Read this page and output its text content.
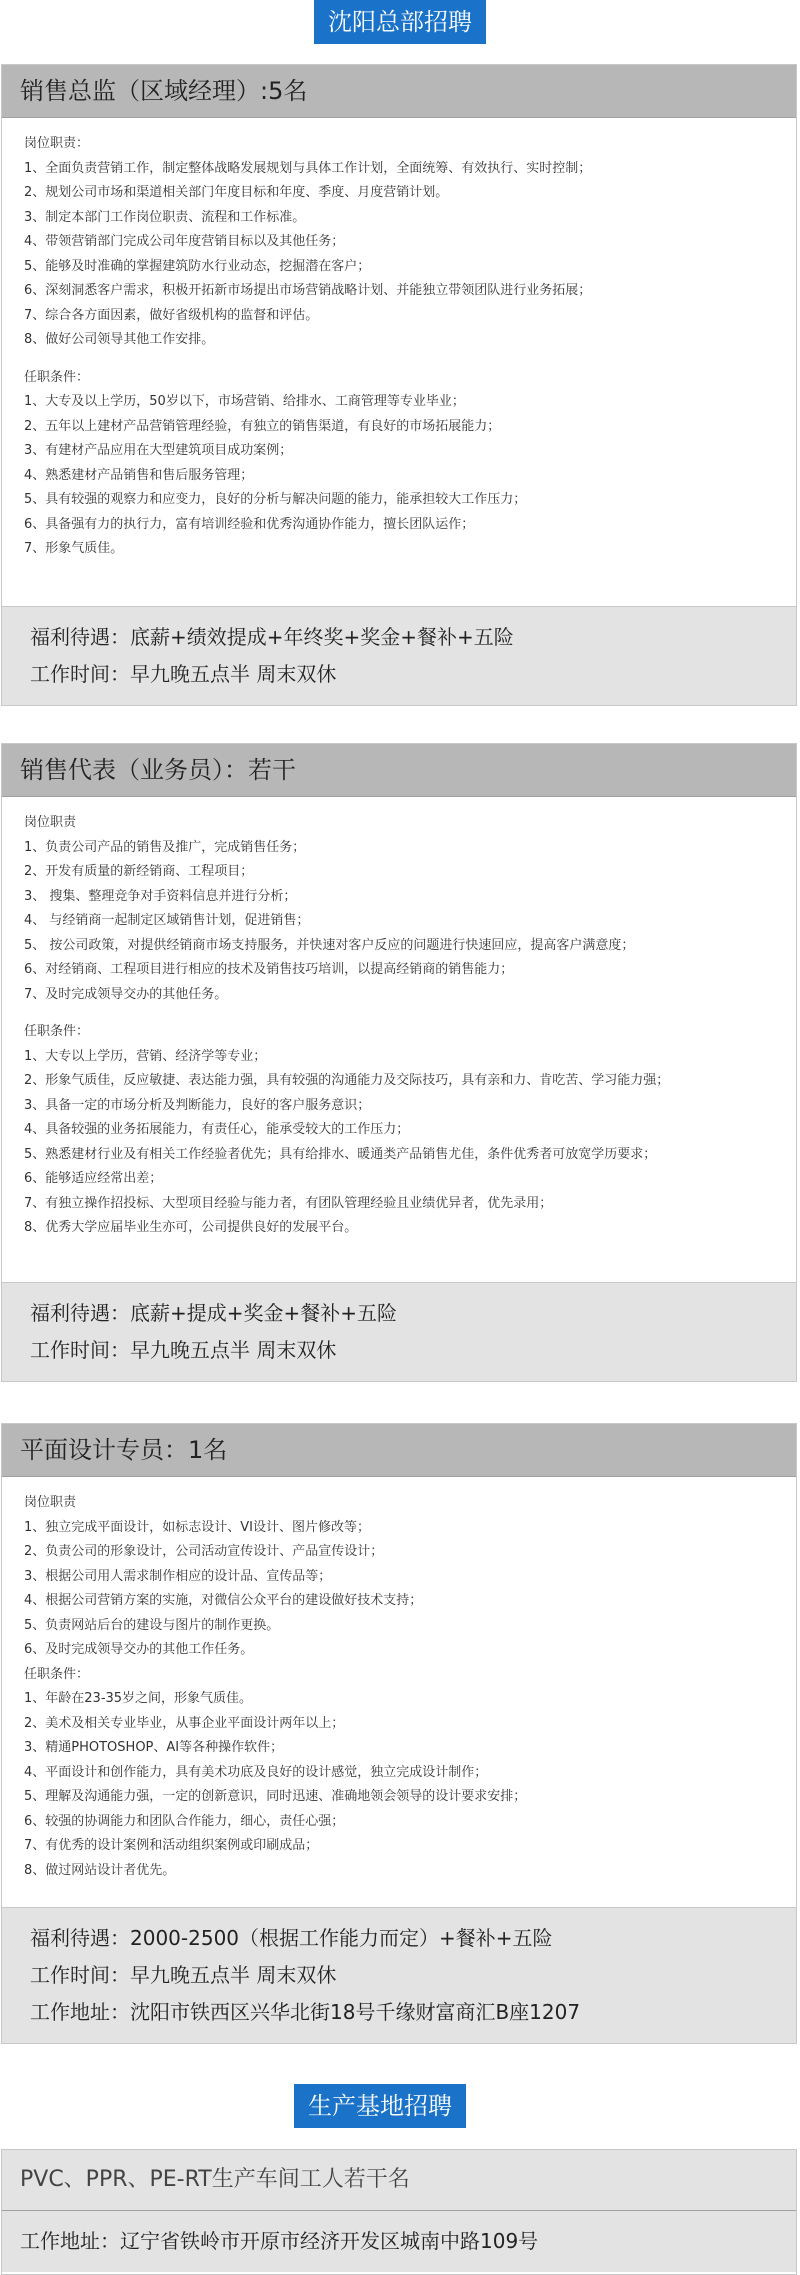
沈阳总部招聘
销售总监（区域经理）:5名
岗位职责：
1、全面负责营销工作，制定整体战略发展规划与具体工作计划，全面统筹、有效执行、实时控制；
2、规划公司市场和渠道相关部门年度目标和年度、季度、月度营销计划。
3、制定本部门工作岗位职责、流程和工作标准。
4、带领营销部门完成公司年度营销目标以及其他任务；
5、能够及时准确的掌握建筑防水行业动态，挖掘潜在客户；
6、深刻洞悉客户需求，积极开拓新市场提出市场营销战略计划、并能独立带领团队进行业务拓展；
7、综合各方面因素，做好省级机构的监督和评估。
8、做好公司领导其他工作安排。
任职条件：
1、大专及以上学历，50岁以下，市场营销、给排水、工商管理等专业毕业；
2、五年以上建材产品营销管理经验，有独立的销售渠道，有良好的市场拓展能力；
3、有建材产品应用在大型建筑项目成功案例；
4、熟悉建材产品销售和售后服务管理；
5、具有较强的观察力和应变力，良好的分析与解决问题的能力，能承担较大工作压力；
6、具备强有力的执行力，富有培训经验和优秀沟通协作能力，擅长团队运作；
7、形象气质佳。
福利待遇：底薪+绩效提成+年终奖+奖金+餐补+五险
工作时间：早九晚五点半 周末双休
销售代表（业务员）：若干
岗位职责
1、负责公司产品的销售及推广，完成销售任务；
2、开发有质量的新经销商、工程项目；
3、 搜集、整理竞争对手资料信息并进行分析；
4、 与经销商一起制定区域销售计划，促进销售；
5、 按公司政策，对提供经销商市场支持服务，并快速对客户反应的问题进行快速回应，提高客户满意度；
6、对经销商、工程项目进行相应的技术及销售技巧培训，以提高经销商的销售能力；
7、及时完成领导交办的其他任务。
任职条件：
1、大专以上学历，营销、经济学等专业；
2、形象气质佳，反应敏捷、表达能力强，具有较强的沟通能力及交际技巧，具有亲和力、肯吃苦、学习能力强；
3、具备一定的市场分析及判断能力，良好的客户服务意识；
4、具备较强的业务拓展能力，有责任心，能承受较大的工作压力；
5、熟悉建材行业及有相关工作经验者优先；具有给排水、暖通类产品销售尤佳，条件优秀者可放宽学历要求；
6、能够适应经常出差；
7、有独立操作招投标、大型项目经验与能力者，有团队管理经验且业绩优异者，优先录用；
8、优秀大学应届毕业生亦可，公司提供良好的发展平台。
福利待遇：底薪+提成+奖金+餐补+五险
工作时间：早九晚五点半 周末双休
平面设计专员：1名
岗位职责
1、独立完成平面设计，如标志设计、VI设计、图片修改等；
2、负责公司的形象设计，公司活动宣传设计、产品宣传设计；
3、根据公司用人需求制作相应的设计品、宣传品等；
4、根据公司营销方案的实施，对微信公众平台的建设做好技术支持；
5、负责网站后台的建设与图片的制作更换。
6、及时完成领导交办的其他工作任务。
任职条件：
1、年龄在23-35岁之间，形象气质佳。
2、美术及相关专业毕业，从事企业平面设计两年以上；
3、精通PHOTOSHOP、AI等各种操作软件；
4、平面设计和创作能力，具有美术功底及良好的设计感觉，独立完成设计制作；
5、理解及沟通能力强，一定的创新意识，同时迅速、准确地领会领导的设计要求安排；
6、较强的协调能力和团队合作能力，细心，责任心强；
7、有优秀的设计案例和活动组织案例或印刷成品；
8、做过网站设计者优先。
福利待遇：2000-2500（根据工作能力而定）+餐补+五险
工作时间：早九晚五点半 周末双休
工作地址：沈阳市铁西区兴华北街18号千缘财富商汇B座1207
生产基地招聘
PVC、PPR、PE-RT生产车间工人若干名
工作地址：辽宁省铁岭市开原市经济开发区城南中路109号
